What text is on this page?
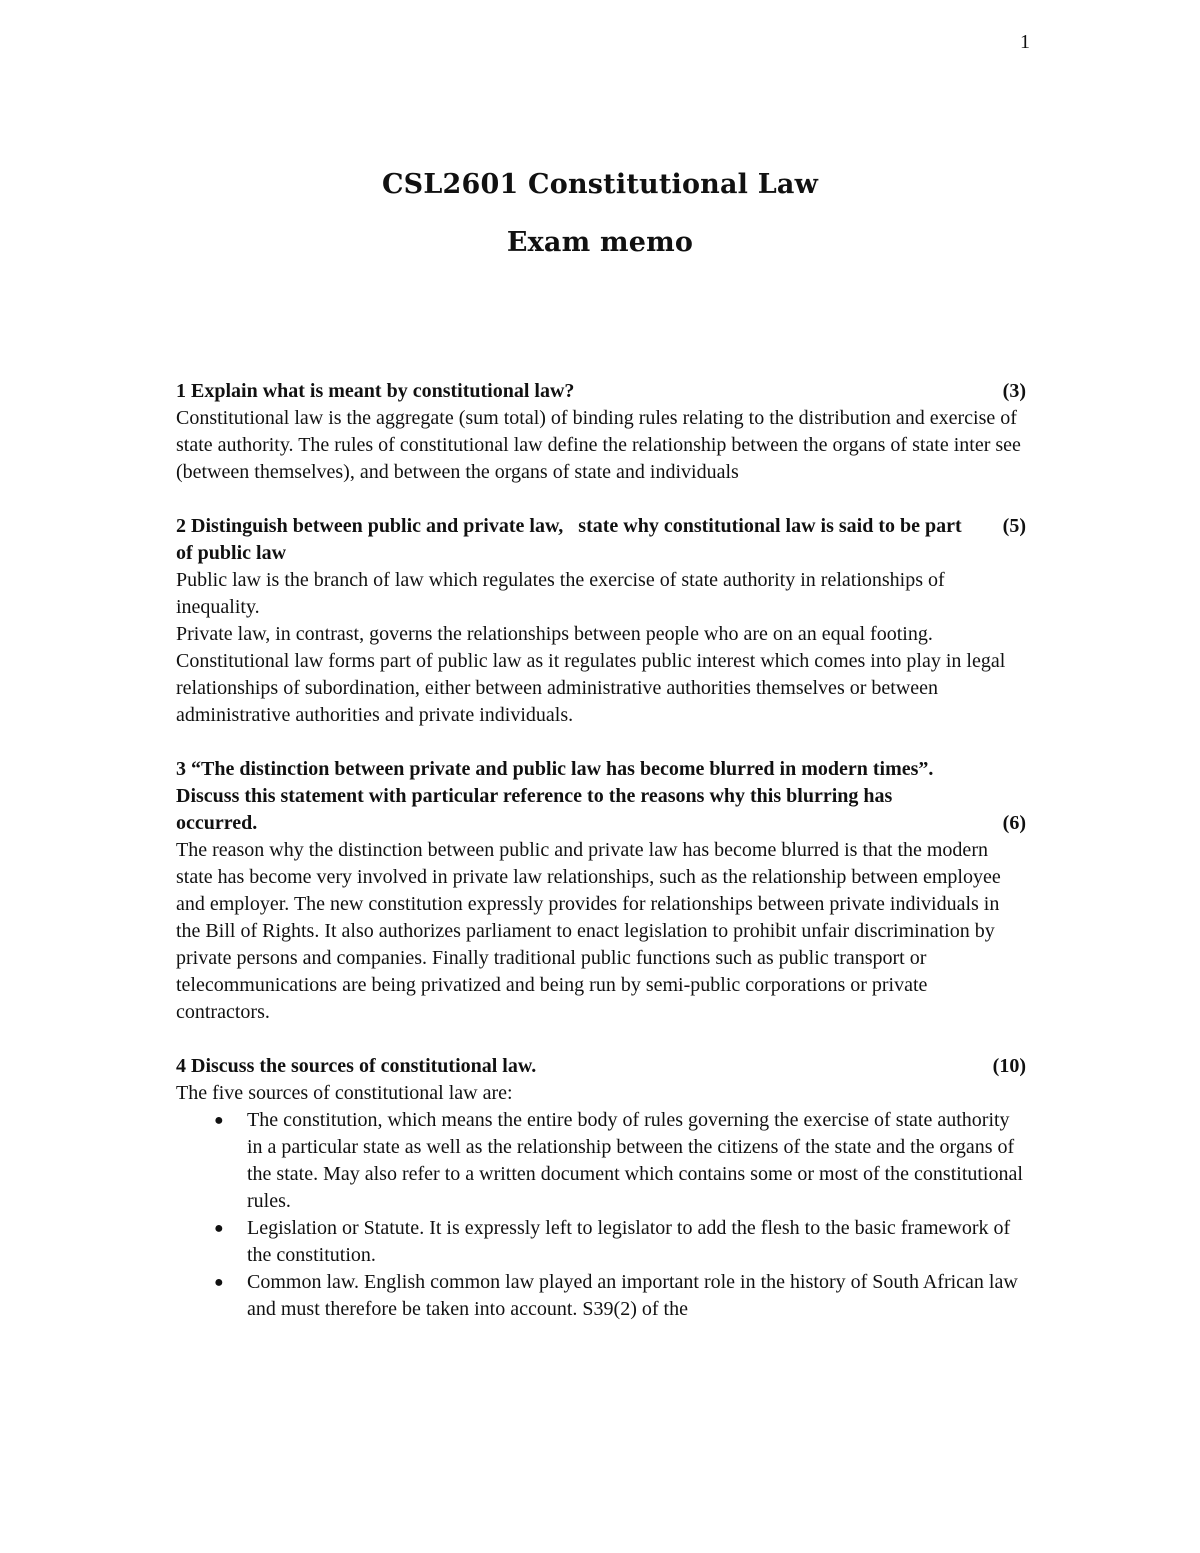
1
CSL2601 Constitutional Law
Exam memo
1 Explain what is meant by constitutional law?	(3)

Constitutional law is the aggregate (sum total) of binding rules relating to the distribution and exercise of state authority. The rules of constitutional law define the relationship between the organs of state inter see (between themselves), and between the organs of state and individuals

2 Distinguish between public and private law,   state why constitutional law is said to be part of public law
(5)

Public law is the branch of law which regulates the exercise of state authority in relationships of inequality.

Private law, in contrast, governs the relationships between people who are on an equal footing. Constitutional law forms part of public law as it regulates public interest which comes into play in legal relationships of subordination, either between administrative authorities themselves or between administrative authorities and private individuals.

3 “The distinction between private and public law has become blurred in modern times”. Discuss this statement with particular reference to the reasons why this blurring has occurred.	(6)

The reason why the distinction between public and private law has become blurred is that the modern state has become very involved in private law relationships, such as the relationship between employee and employer. The new constitution expressly provides for relationships between private individuals in the Bill of Rights. It also authorizes parliament to enact legislation to prohibit unfair discrimination by private persons and companies. Finally traditional public functions such as public transport or telecommunications are being privatized and being run by semi-public corporations or private contractors.

4 Discuss the sources of constitutional law.	(10)

The five sources of constitutional law are:

● The constitution, which means the entire body of rules governing the exercise of state authority in a particular state as well as the relationship between the citizens of the state and the organs of the state. May also refer to a written document which contains some or most of the constitutional rules.
● Legislation or Statute. It is expressly left to legislator to add the flesh to the basic framework of the constitution.
● Common law. English common law played an important role in the history of South African law and must therefore be taken into account. S39(2) of the
